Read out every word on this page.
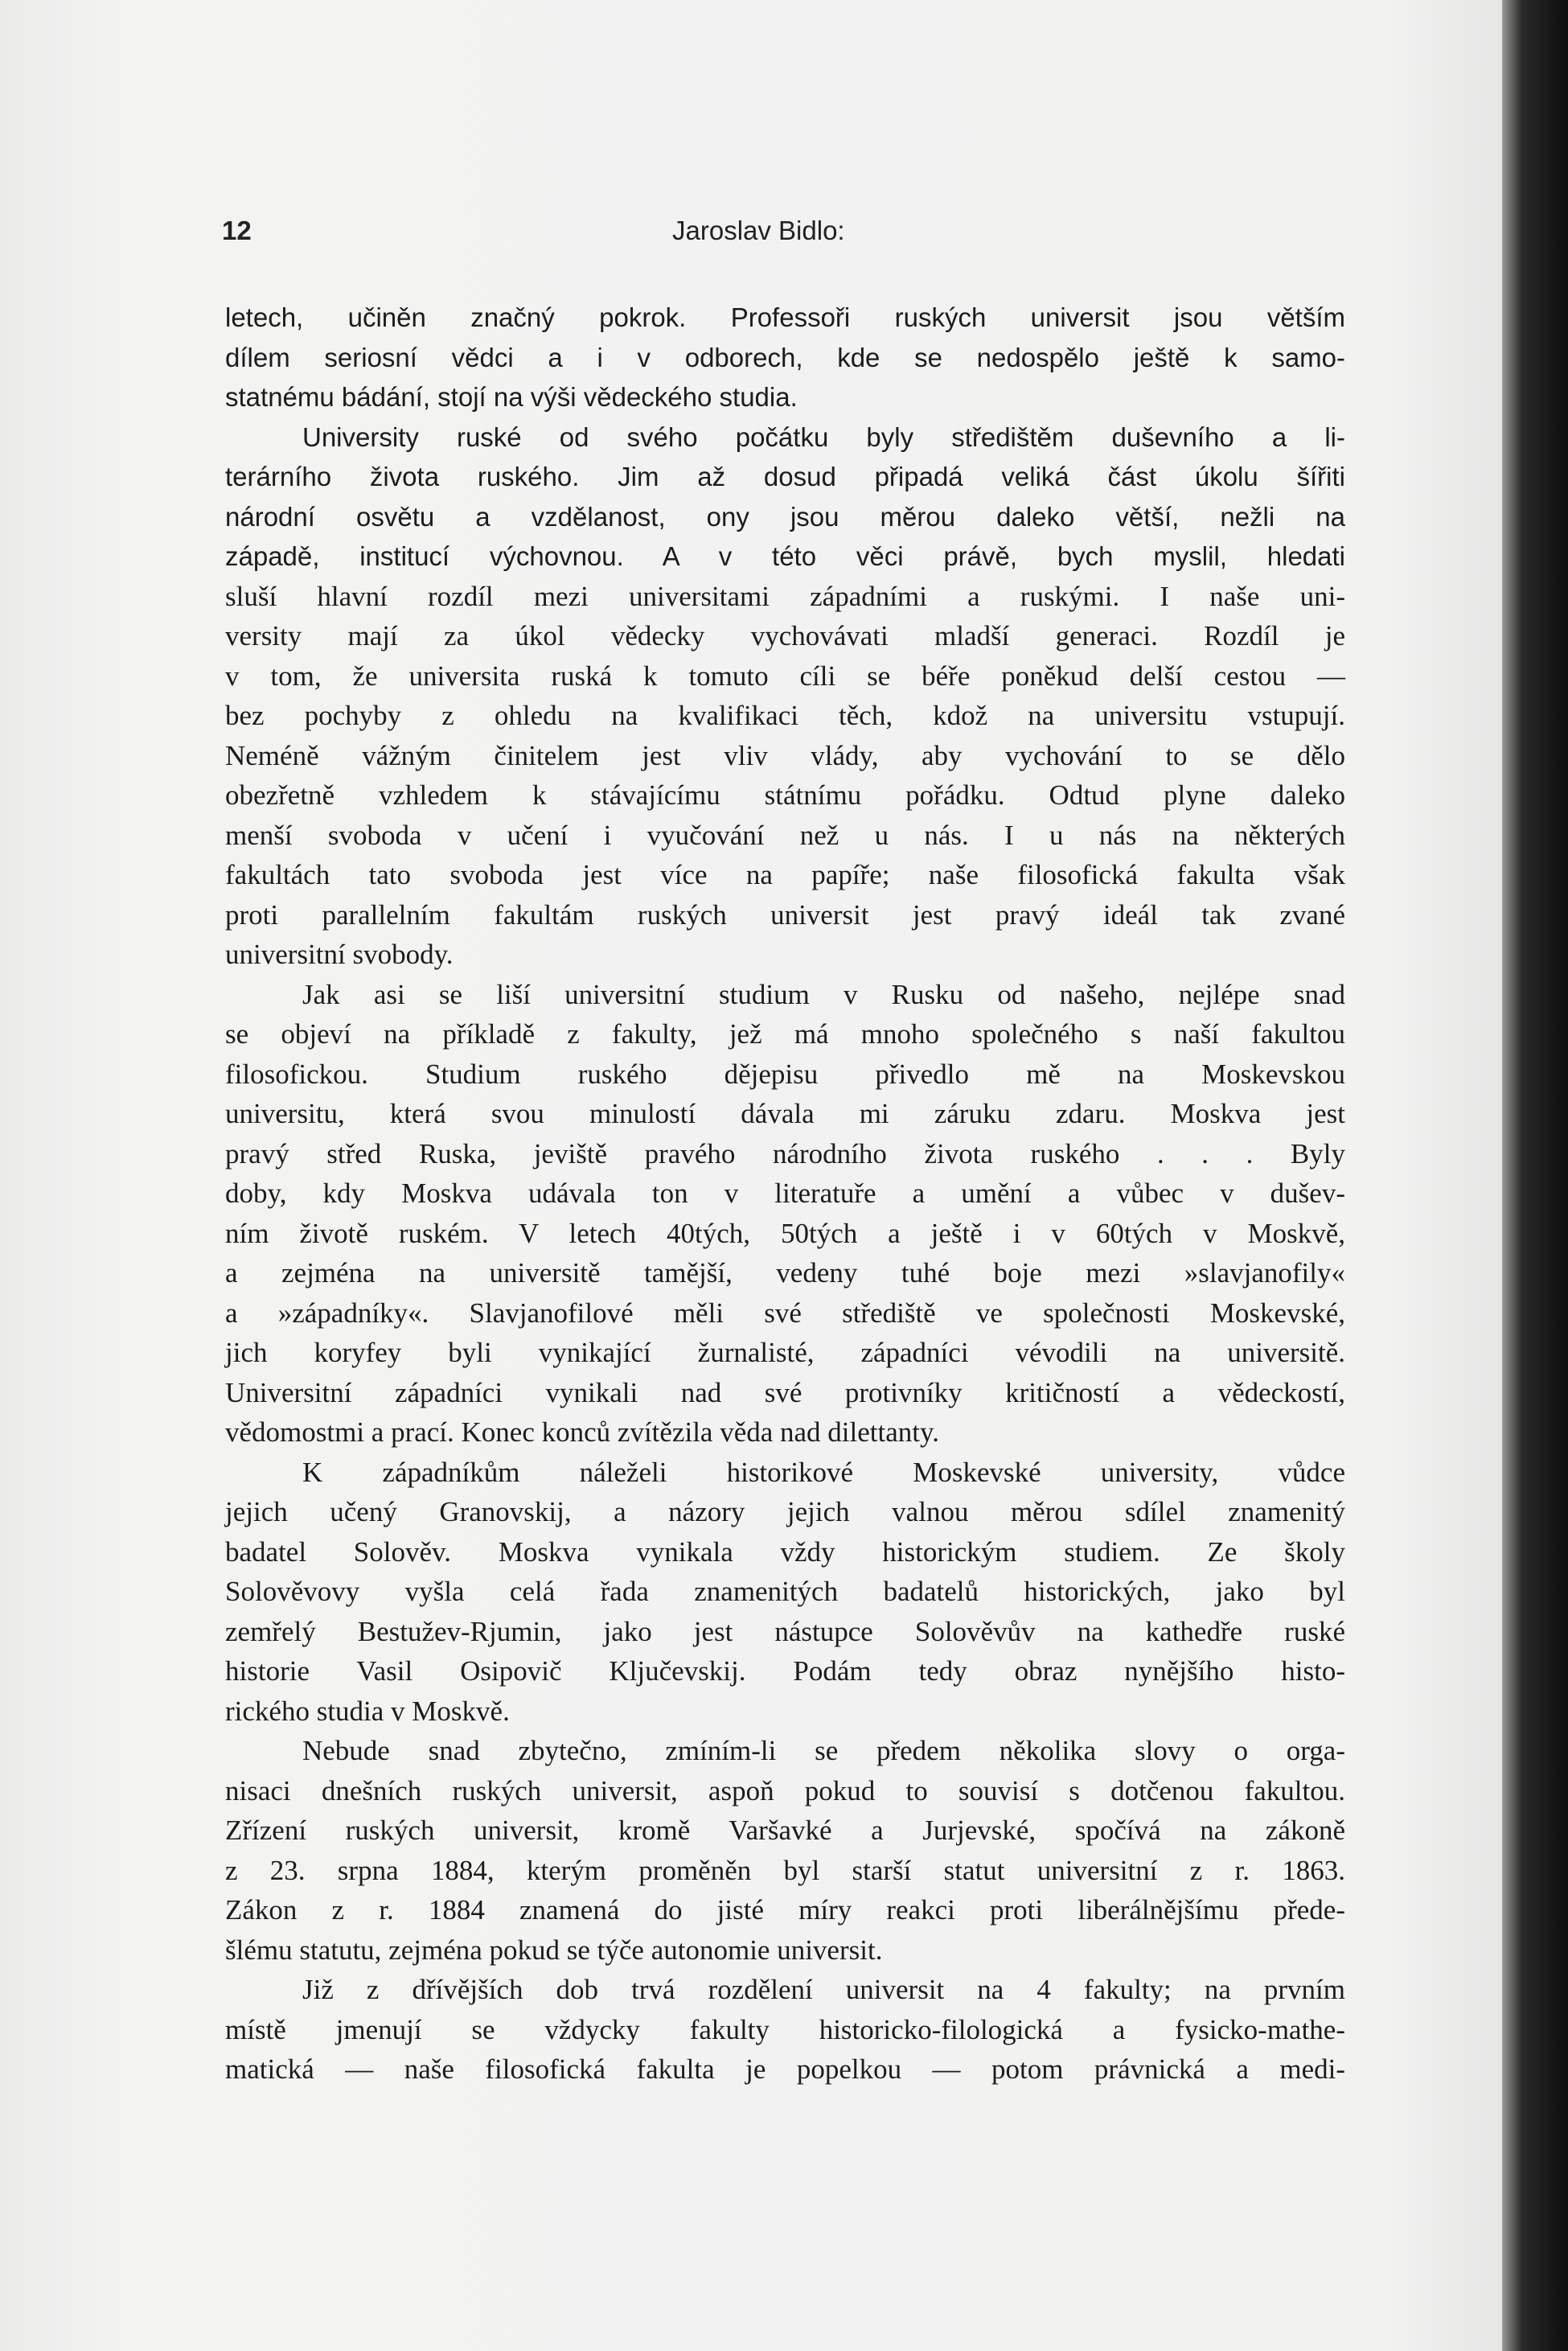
12	Jaroslav Bidlo:
letech, učiněn značný pokrok. Professoři ruských universit jsou větším
dílem seriosní vědci a i v odborech, kde se nedospělo ještě k samo-
statnému bádání, stojí na výši vědeckého studia.
University ruské od svého počátku byly středištěm duševního a li-
terárního života ruského. Jim až dosud připadá veliká část úkolu šířiti
národní osvětu a vzdělanost, ony jsou měrou daleko větší, nežli na
západě, institucí výchovnou. A v této věci právě, bych myslil, hledati
sluší hlavní rozdíl mezi universitami západními a ruskými. I naše uni-
versity mají za úkol vědecky vychovávati mladší generaci. Rozdíl je
v tom, že universita ruská k tomuto cíli se béře poněkud delší cestou —
bez pochyby z ohledu na kvalifikaci těch, kdož na universitu vstupují.
Neméně vážným činitelem jest vliv vlády, aby vychování to se dělo
obezřetně vzhledem k stávajícímu státnímu pořádku. Odtud plyne daleko
menší svoboda v učení i vyučování než u nás. I u nás na některých
fakultách tato svoboda jest více na papíře; naše filosofická fakulta však
proti parallelním fakultám ruských universit jest pravý ideál tak zvané
universitní svobody.
Jak asi se liší universitní studium v Rusku od našeho, nejlépe snad
se objeví na příkladě z fakulty, jež má mnoho společného s naší fakultou
filosofickou. Studium ruského dějepisu přivedlo mě na Moskevskou
universitu, která svou minulostí dávala mi záruku zdaru. Moskva jest
pravý střed Ruska, jeviště pravého národního života ruského . . . Byly
doby, kdy Moskva udávala ton v literatuře a umění a vůbec v dušev-
ním životě ruském. V letech 40tých, 50tých a ještě i v 60tých v Moskvě,
a zejména na universitě tamější, vedeny tuhé boje mezi »slavjanofily«
a »západníky«. Slavjanofilové měli své střediště ve společnosti Moskevské,
jich koryfey byli vynikající žurnalisté, západníci vévodili na universitě.
Universitní západníci vynikali nad své protivníky kritičností a vědeckostí,
vědomostmi a prací. Konec konců zvítězila věda nad dilettanty.
K západníkům náleželi historikové Moskevské university, vůdce
jejich učený Granovskij, a názory jejich valnou měrou sdílel znamenitý
badatel Solověv. Moskva vynikala vždy historickým studiem. Ze školy
Solověvovy vyšla celá řada znamenitých badatelů historických, jako byl
zemřelý Bestužev-Rjumin, jako jest nástupce Solověvův na kathedře ruské
historie Vasil Osipovič Ključevskij. Podám tedy obraz nynějšího histo-
rického studia v Moskvě.
Nebude snad zbytečno, zmíním-li se předem několika slovy o orga-
nisaci dnešních ruských universit, aspoň pokud to souvisí s dotčenou fakultou.
Zřízení ruských universit, kromě Varšavké a Jurjevské, spočívá na zákoně
z 23. srpna 1884, kterým proměněn byl starší statut universitní z r. 1863.
Zákon z r. 1884 znamená do jisté míry reakci proti liberálnějšímu přede-
šlému statutu, zejména pokud se týče autonomie universit.
Již z dřívějších dob trvá rozdělení universit na 4 fakulty; na prvním
místě jmenují se vždycky fakulty historicko-filologická a fysicko-mathe-
matická — naše filosofická fakulta je popelkou — potom právnická a medi-
